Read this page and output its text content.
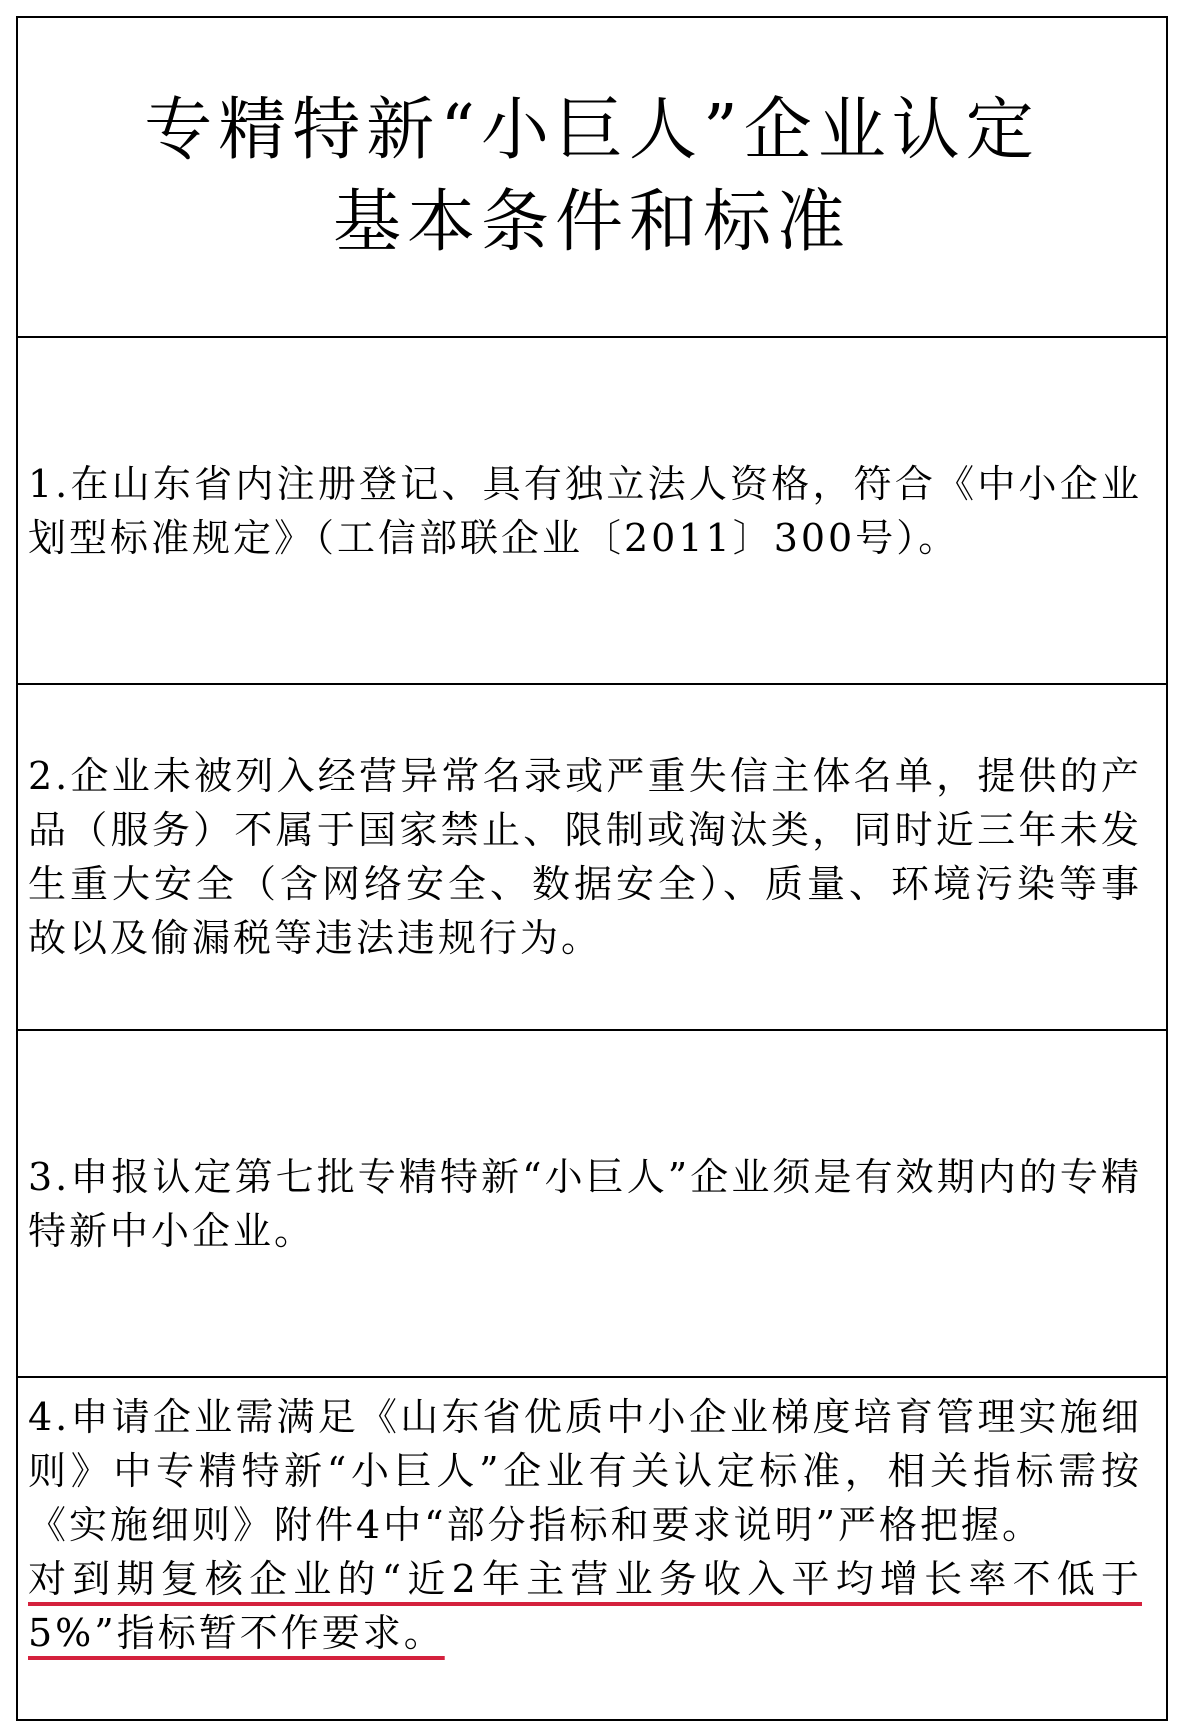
专精特新“小巨人”企业认定
基本条件和标准

1.在山东省内注册登记、具有独立法人资格，符合《中小企业划型标准规定》（工信部联企业〔2011〕300号）。

2.企业未被列入经营异常名录或严重失信主体名单，提供的产品（服务）不属于国家禁止、限制或淘汰类，同时近三年未发生重大安全（含网络安全、数据安全）、质量、环境污染等事故以及偷漏税等违法违规行为。

3.申报认定第七批专精特新“小巨人”企业须是有效期内的专精特新中小企业。

4.申请企业需满足《山东省优质中小企业梯度培育管理实施细则》中专精特新“小巨人”企业有关认定标准，相关指标需按《实施细则》附件4中“部分指标和要求说明”严格把握。
对到期复核企业的“近2年主营业务收入平均增长率不低于5%”指标暂不作要求。
